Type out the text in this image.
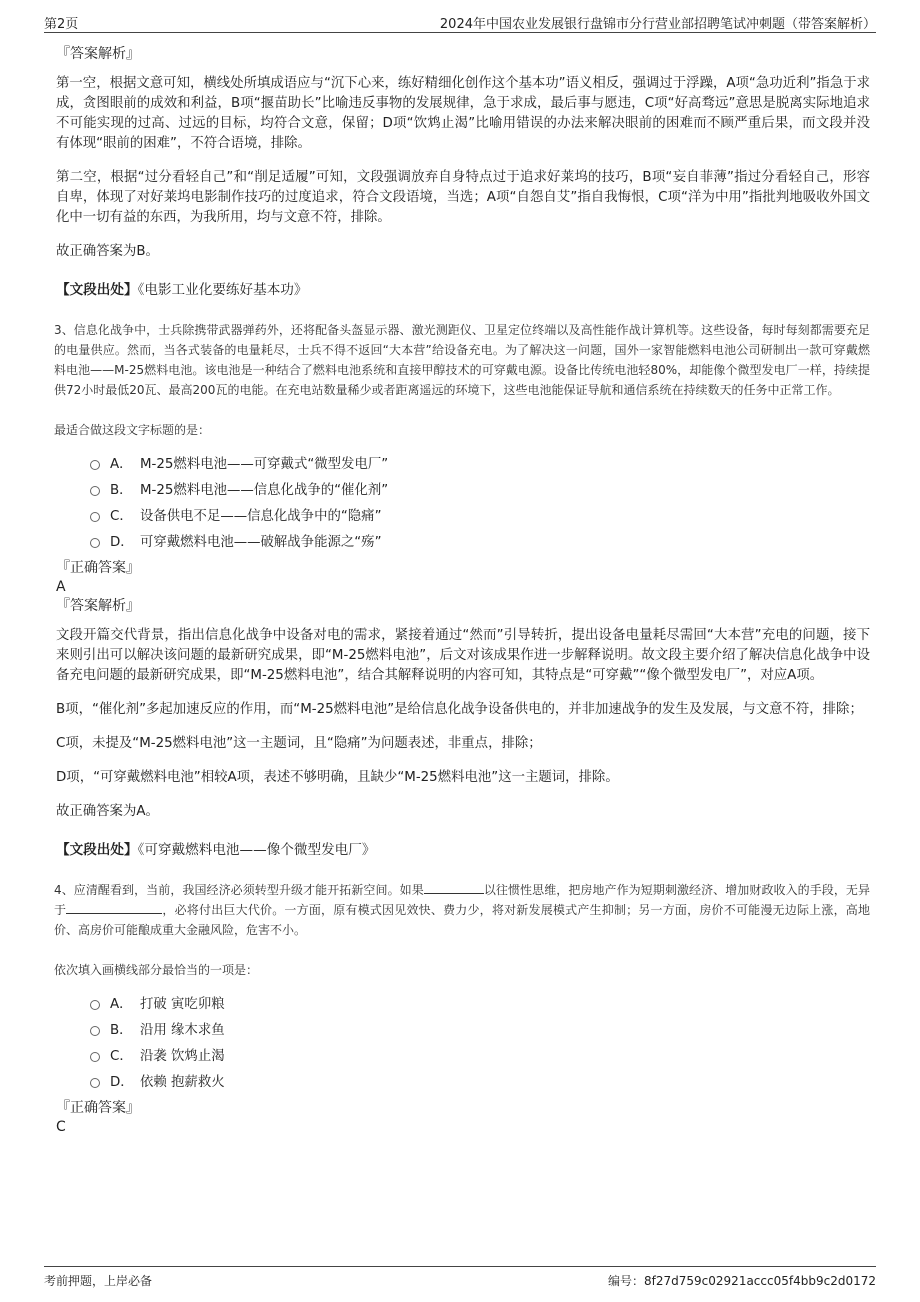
第2页	2024年中国农业发展银行盘锦市分行营业部招聘笔试冲刺题（带答案解析）
『答案解析』
第一空，根据文意可知，横线处所填成语应与“沉下心来，练好精细化创作这个基本功”语义相反，强调过于浮躁，A项“急功近利”指急于求成，贪图眼前的成效和利益，B项“揠苗助长”比喻违反事物的发展规律，急于求成，最后事与愿违，C项“好高骛远”意思是脱离实际地追求不可能实现的过高、过远的目标，均符合文意，保留；D项“饮鸩止渴”比喻用错误的办法来解决眼前的困难而不顾严重后果，而文段并没有体现“眼前的困难”，不符合语境，排除。
第二空，根据“过分看轻自己”和“削足适履”可知，文段强调放弃自身特点过于追求好莱坞的技巧，B项“妄自菲薄”指过分看轻自己，形容自卑，体现了对好莱坞电影制作技巧的过度追求，符合文段语境，当选；A项“自怨自艾”指自我悔恨，C项“洋为中用”指批判地吸收外国文化中一切有益的东西，为我所用，均与文意不符，排除。
故正确答案为B。
【文段出处】《电影工业化要练好基本功》
3、信息化战争中，士兵除携带武器弹药外，还将配备头盔显示器、激光测距仪、卫星定位终端以及高性能作战计算机等。这些设备，每时每刻都需要充足的电量供应。然而，当各式装备的电量耗尽，士兵不得不返回“大本营”给设备充电。为了解决这一问题，国外一家智能燃料电池公司研制出一款可穿戴燃料电池——M-25燃料电池。该电池是一种结合了燃料电池系统和直接甲醇技术的可穿戴电源。设备比传统电池轻80%，却能像个微型发电厂一样，持续提供72小时最低20瓦、最高200瓦的电能。在充电站数量稀少或者距离遥远的环境下，这些电池能保证导航和通信系统在持续数天的任务中正常工作。
最适合做这段文字标题的是：
A． M-25燃料电池——可穿戴式“微型发电厂”
B． M-25燃料电池——信息化战争的“催化剂”
C． 设备供电不足——信息化战争中的“隐痛”
D． 可穿戴燃料电池——破解战争能源之“殇”
『正确答案』
A
『答案解析』
文段开篇交代背景，指出信息化战争中设备对电的需求，紧接着通过“然而”引导转折，提出设备电量耗尽需回“大本营”充电的问题，接下来则引出可以解决该问题的最新研究成果，即“M-25燃料电池”，后文对该成果作进一步解释说明。故文段主要介绍了解决信息化战争中设备充电问题的最新研究成果，即“M-25燃料电池”，结合其解释说明的内容可知，其特点是“可穿戴”“像个微型发电厂”，对应A项。
B项，“催化剂”多起加速反应的作用，而“M-25燃料电池”是给信息化战争设备供电的，并非加速战争的发生及发展，与文意不符，排除；
C项，未提及“M-25燃料电池”这一主题词，且“隐痛”为问题表述，非重点，排除；
D项，“可穿戴燃料电池”相较A项，表述不够明确，且缺少“M-25燃料电池”这一主题词，排除。
故正确答案为A。
【文段出处】《可穿戴燃料电池——像个微型发电厂》
4、应清醒看到，当前，我国经济必须转型升级才能开拓新空间。如果	以往惯性思维，把房地产作为短期刺激经济、增加财政收入的手段，无异于	，必将付出巨大代价。一方面，原有模式因见效快、费力少，将对新发展模式产生抑制；另一方面，房价不可能漫无边际上涨，高地价、高房价可能酿成重大金融风险，危害不小。
依次填入画横线部分最恰当的一项是：
A． 打破 寅吃卯粮
B． 沿用 缘木求鱼
C． 沿袭 饮鸩止渴
D． 依赖 抱薪救火
『正确答案』
C
考前押题，上岸必备	编号：8f27d759c02921accc05f4bb9c2d0172
